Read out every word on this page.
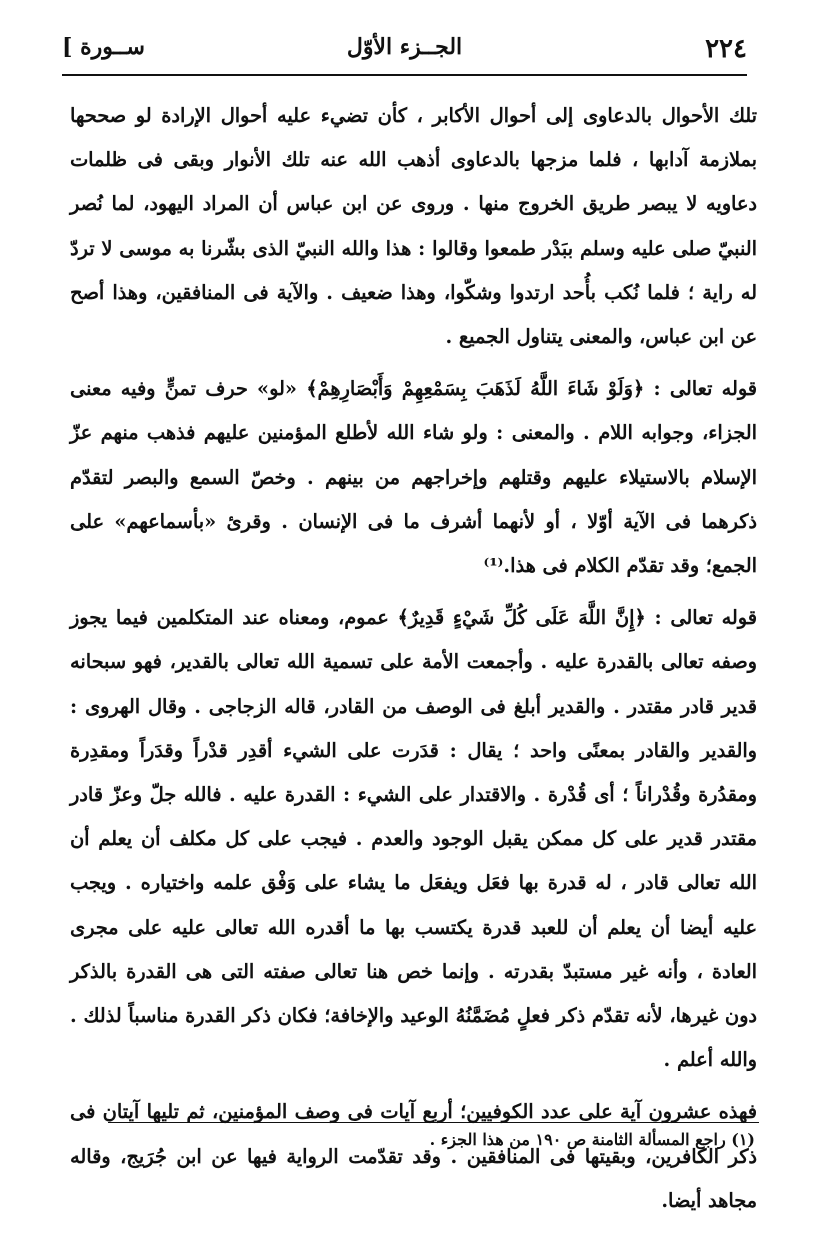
٢٢٤
الجــزء الأوّل
[ ســورة

تلك الأحوال بالدعاوى إلى أحوال الأكابر ، كأن تضيء عليه أحوال الإرادة لو صححها بملازمة آدابها ، فلما مزجها بالدعاوى أذهب الله عنه تلك الأنوار وبقى فى ظلمات دعاويه لا يبصر طريق الخروج منها . وروى عن ابن عباس أن المراد اليهود، لما نُصر النبيّ صلى عليه وسلم ببَدْر طمعوا وقالوا : هذا والله النبيّ الذى بشّرنا به موسى لا تردّ له راية ؛ فلما نُكب بأُحد ارتدوا وشكّوا، وهذا ضعيف . والآية فى المنافقين، وهذا أصح عن ابن عباس، والمعنى يتناول الجميع .

قوله تعالى : ﴿وَلَوْ شَاءَ اللَّهُ لَذَهَبَ بِسَمْعِهِمْ وَأَبْصَارِهِمْ﴾ «لو» حرف تمنٍّ وفيه معنى الجزاء، وجوابه اللام . والمعنى : ولو شاء الله لأطلع المؤمنين عليهم فذهب منهم عزّ الإسلام بالاستيلاء عليهم وقتلهم وإخراجهم من بينهم . وخصّ السمع والبصر لتقدّم ذكرهما فى الآية أوّلا ، أو لأنهما أشرف ما فى الإنسان . وقرئ «بأسماعهم» على الجمع؛ وقد تقدّم الكلام فى هذا.⁽¹⁾

قوله تعالى : ﴿إِنَّ اللَّهَ عَلَى كُلِّ شَيْءٍ قَدِيرٌ﴾ عموم، ومعناه عند المتكلمين فيما يجوز وصفه تعالى بالقدرة عليه . وأجمعت الأمة على تسمية الله تعالى بالقدير، فهو سبحانه قدير قادر مقتدر . والقدير أبلغ فى الوصف من القادر، قاله الزجاجى . وقال الهروى : والقدير والقادر بمعنًى واحد ؛ يقال : قدَرت على الشيء أقدِر قدْراً وقدَراً ومقدِرة ومقدُرة وقُدْراناً ؛ أى قُدْرة . والاقتدار على الشيء : القدرة عليه . فالله جلّ وعزّ قادر مقتدر قدير على كل ممكن يقبل الوجود والعدم . فيجب على كل مكلف أن يعلم أن الله تعالى قادر ، له قدرة بها فعَل ويفعَل ما يشاء على وَفْق علمه واختياره . ويجب عليه أيضا أن يعلم أن للعبد قدرة يكتسب بها ما أقدره الله تعالى عليه على مجرى العادة ، وأنه غير مستبدّ بقدرته . وإنما خص هنا تعالى صفته التى هى القدرة بالذكر دون غيرها، لأنه تقدّم ذكر فعلٍ مُضَمَّنُهُ الوعيد والإخافة؛ فكان ذكر القدرة مناسباً لذلك . والله أعلم .

فهذه عشرون آية على عدد الكوفيين؛ أربع آيات فى وصف المؤمنين، ثم تليها آيتان فى ذكر الكافرين، وبقيتها فى المنافقين . وقد تقدّمت الرواية فيها عن ابن جُرَيج، وقاله مجاهد أيضا.

(١) راجع المسألة الثامنة ص ١٩٠ من هذا الجزء .
